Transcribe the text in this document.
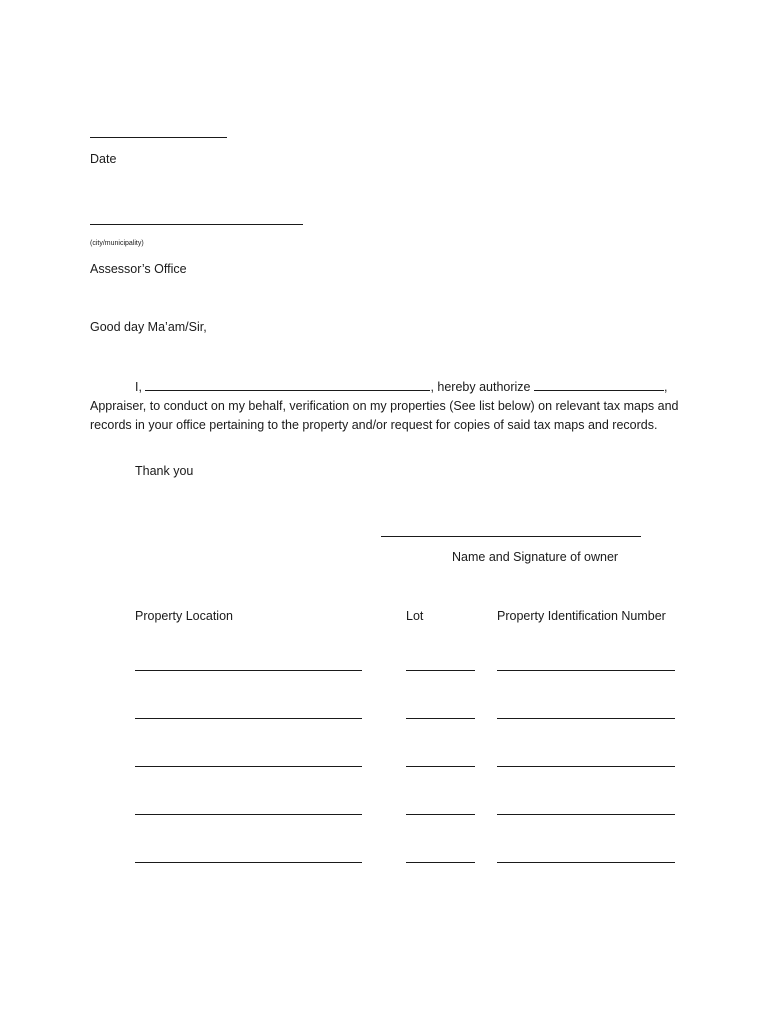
Date
(city/municipality)
Assessor’s Office
Good day Ma’am/Sir,
I,	, hereby authorize	, Appraiser, to conduct on my behalf, verification on my properties (See list below) on relevant tax maps and records in your office pertaining to the property and/or request for copies of said tax maps and records.
Thank you
Name and Signature of owner
Property Location	Lot	Property Identification Number
